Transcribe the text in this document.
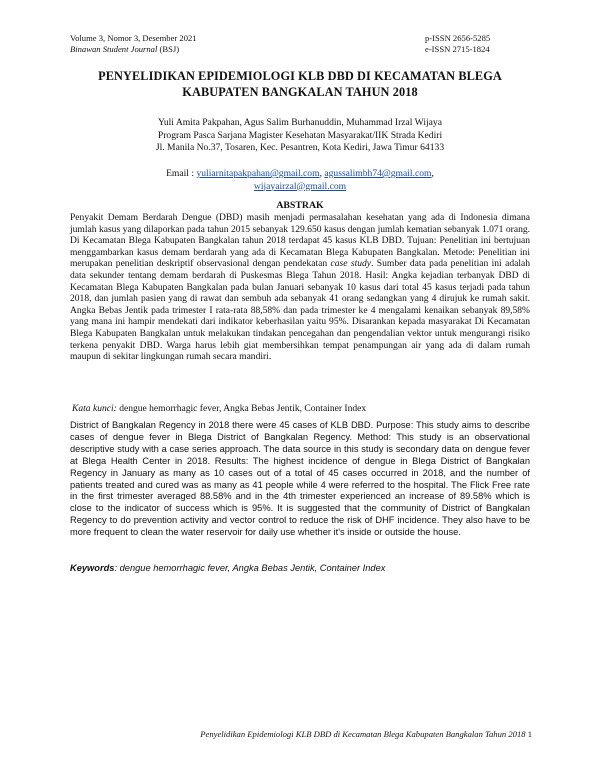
Volume 3, Nomor 3, Desember 2021
Binawan Student Journal (BSJ)
p-ISSN 2656-5285
e-ISSN 2715-1824
PENYELIDIKAN EPIDEMIOLOGI KLB DBD DI KECAMATAN BLEGA
KABUPATEN BANGKALAN TAHUN 2018
Yuli Amita Pakpahan, Agus Salim Burhanuddin, Muhammad Irzal Wijaya
Program Pasca Sarjana Magister Kesehatan Masyarakat/IIK Strada Kediri
Jl. Manila No.37, Tosaren, Kec. Pesantren, Kota Kediri, Jawa Timur 64133
Email : yuliarnitapakpahan@gmail.com, agussalimbh74@gmail.com,
wijayairzal@gmail.com
ABSTRAK
Penyakit Demam Berdarah Dengue (DBD) masih menjadi permasalahan kesehatan yang ada di Indonesia dimana jumlah kasus yang dilaporkan pada tahun 2015 sebanyak 129.650 kasus dengan jumlah kematian sebanyak 1.071 orang. Di Kecamatan Blega Kabupaten Bangkalan tahun 2018 terdapat 45 kasus KLB DBD. Tujuan: Penelitian ini bertujuan menggambarkan kasus demam berdarah yang ada di Kecamatan Blega Kabupaten Bangkalan. Metode: Penelitian ini merupakan penelitian deskriptif observasional dengan pendekatan case study. Sumber data pada penelitian ini adalah data sekunder tentang demam berdarah di Puskesmas Blega Tahun 2018. Hasil: Angka kejadian terbanyak DBD di Kecamatan Blega Kabupaten Bangkalan pada bulan Januari sebanyak 10 kasus dari total 45 kasus terjadi pada tahun 2018, dan jumlah pasien yang di rawat dan sembuh ada sebanyak 41 orang sedangkan yang 4 dirujuk ke rumah sakit. Angka Bebas Jentik pada trimester I rata-rata 88,58% dan pada trimester ke 4 mengalami kenaikan sebanyak 89,58% yang mana ini hampir mendekati dari indikator keberhasilan yaitu 95%. Disarankan kepada masyarakat Di Kecamatan Blega Kabupaten Bangkalan untuk melakukan tindakan pencegahan dan pengendalian vektor untuk mengurangi risiko terkena penyakit DBD. Warga harus lebih giat membersihkan tempat penampungan air yang ada di dalam rumah maupun di sekitar lingkungan rumah secara mandiri.
Kata kunci: dengue hemorrhagic fever, Angka Bebas Jentik, Container Index
District of Bangkalan Regency in 2018 there were 45 cases of KLB DBD. Purpose: This study aims to describe cases of dengue fever in Blega District of Bangkalan Regency. Method: This study is an observational descriptive study with a case series approach. The data source in this study is secondary data on dengue fever at Blega Health Center in 2018. Results: The highest incidence of dengue in Blega District of Bangkalan Regency in January as many as 10 cases out of a total of 45 cases occurred in 2018, and the number of patients treated and cured was as many as 41 people while 4 were referred to the hospital. The Flick Free rate in the first trimester averaged 88.58% and in the 4th trimester experienced an increase of 89.58% which is close to the indicator of success which is 95%. It is suggested that the community of District of Bangkalan Regency to do prevention activity and vector control to reduce the risk of DHF incidence. They also have to be more frequent to clean the water reservoir for daily use whether it's inside or outside the house.
Keywords: dengue hemorrhagic fever, Angka Bebas Jentik, Container Index
Penyelidikan Epidemiologi KLB DBD di Kecamatan Blega Kabupaten Bangkalan Tahun 2018 1
